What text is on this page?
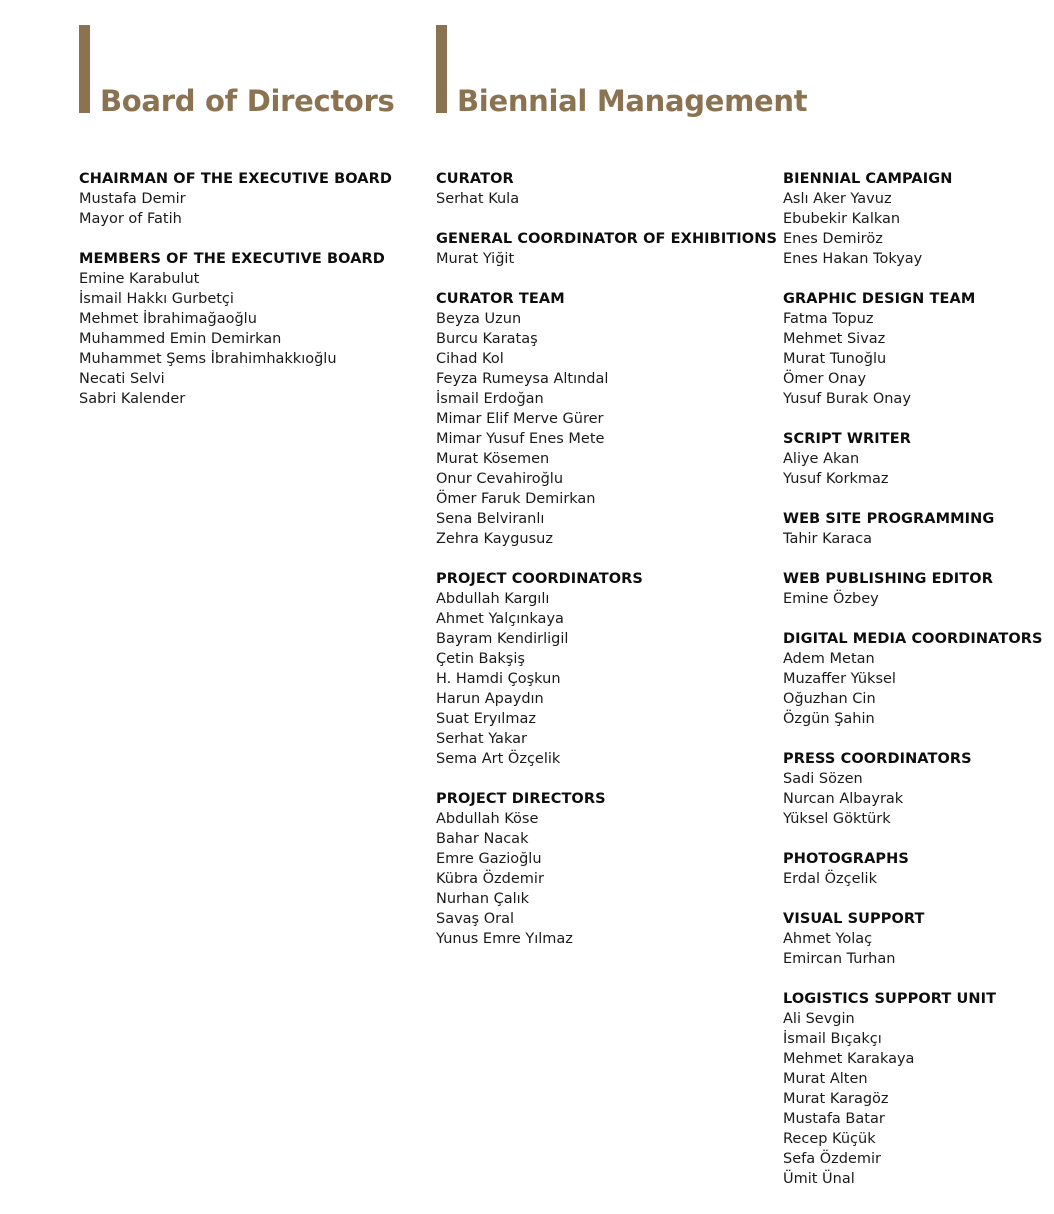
Board of Directors Biennial Management
CHAIRMAN OF THE EXECUTIVE BOARD
Mustafa Demir
Mayor of Fatih
MEMBERS OF THE EXECUTIVE BOARD
Emine Karabulut
İsmail Hakkı Gurbetçi
Mehmet İbrahimağaoğlu
Muhammed Emin Demirkan
Muhammet Şems İbrahimhakkıoğlu
Necati Selvi
Sabri Kalender
CURATOR
Serhat Kula
GENERAL COORDINATOR OF EXHIBITIONS
Murat Yiğit
CURATOR TEAM
Beyza Uzun
Burcu Karataş
Cihad Kol
Feyza Rumeysa Altındal
İsmail Erdoğan
Mimar Elif Merve Gürer
Mimar Yusuf Enes Mete
Murat Kösemen
Onur Cevahiroğlu
Ömer Faruk Demirkan
Sena Belviranlı
Zehra Kaygusuz
PROJECT COORDINATORS
Abdullah Kargılı
Ahmet Yalçınkaya
Bayram Kendirligil
Çetin Bakşiş
H. Hamdi Çoşkun
Harun Apaydın
Suat Eryılmaz
Serhat Yakar
Sema Art Özçelik
PROJECT DIRECTORS
Abdullah Köse
Bahar Nacak
Emre Gazioğlu
Kübra Özdemir
Nurhan Çalık
Savaş Oral
Yunus Emre Yılmaz
BIENNIAL CAMPAIGN
Aslı Aker Yavuz
Ebubekir Kalkan
Enes Demiröz
Enes Hakan Tokyay
GRAPHIC DESIGN TEAM
Fatma Topuz
Mehmet Sivaz
Murat Tunoğlu
Ömer Onay
Yusuf Burak Onay
SCRIPT WRITER
Aliye Akan
Yusuf Korkmaz
WEB SITE PROGRAMMING
Tahir Karaca
WEB PUBLISHING EDITOR
Emine Özbey
DIGITAL MEDIA COORDINATORS
Adem Metan
Muzaffer Yüksel
Oğuzhan Cin
Özgün Şahin
PRESS COORDINATORS
Sadi Sözen
Nurcan Albayrak
Yüksel Göktürk
PHOTOGRAPHS
Erdal Özçelik
VISUAL SUPPORT
Ahmet Yolaç
Emircan Turhan
LOGISTICS SUPPORT UNIT
Ali Sevgin
İsmail Bıçakçı
Mehmet Karakaya
Murat Alten
Murat Karagöz
Mustafa Batar
Recep Küçük
Sefa Özdemir
Ümit Ünal
